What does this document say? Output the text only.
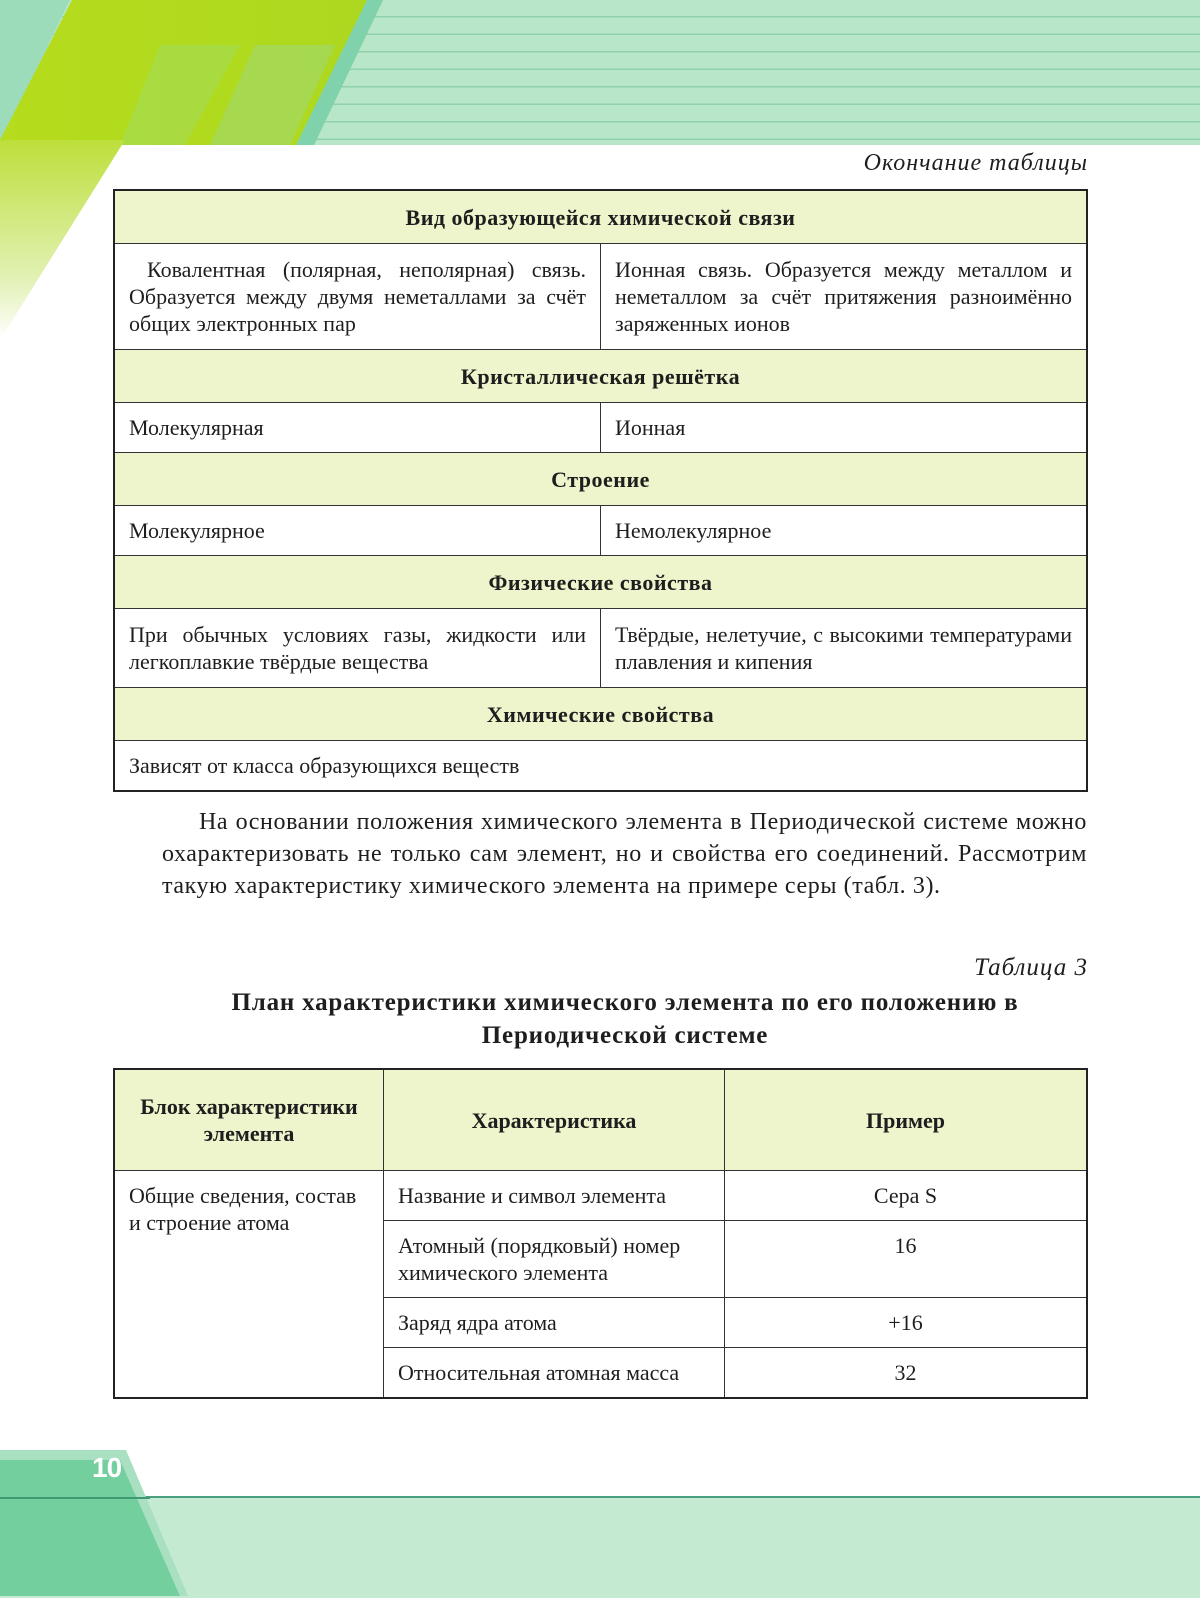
Окончание таблицы
Вид образующейся химической связи	
Ковалентная (полярная, неполярная) связь. Образуется между двумя неметаллами за счёт общих электронных пар	Ионная связь. Образуется между металлом и неметаллом за счёт притяжения разноимённо заряженных ионов
Кристаллическая решётка	
Молекулярная	Ионная
Строение	
Молекулярное	Немолекулярное
Физические свойства	
При обычных условиях газы, жидкости или легкоплавкие твёрдые вещества	Твёрдые, нелетучие, с высокими температурами плавления и кипения
Химические свойства	
Зависят от класса образующихся веществ	

На основании положения химического элемента в Периодической системе можно охарактеризовать не только сам элемент, но и свойства его соединений. Рассмотрим такую характеристику химического элемента на примере серы (табл. 3).

Таблица 3
План характеристики химического элемента по его положению в Периодической системе
Блок характеристики элемента	Характеристика	Пример
Общие сведения, состав и строение атома	Название и символ элемента	Сера S
	Атомный (порядковый) номер химического элемента	16
	Заряд ядра атома	+16
	Относительная атомная масса	32
10
